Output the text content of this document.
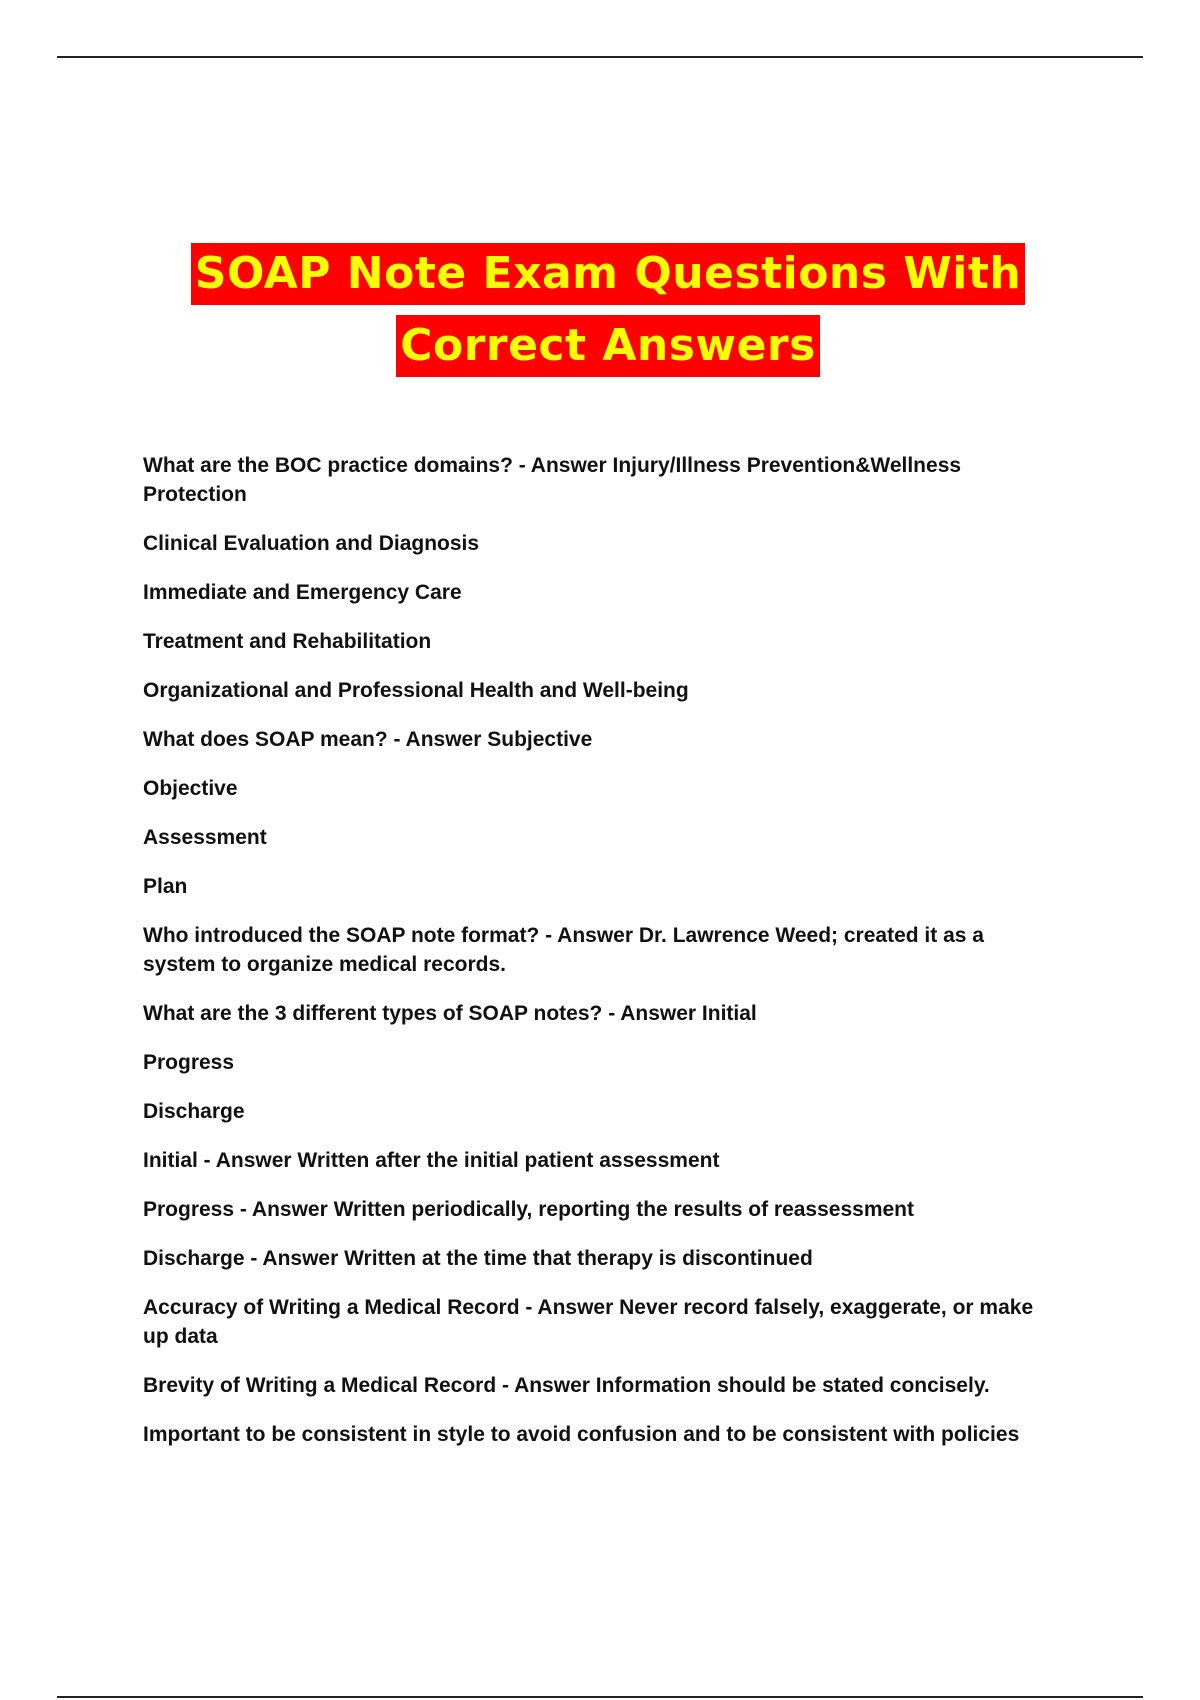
SOAP Note Exam Questions With
Correct Answers
What are the BOC practice domains? - Answer Injury/Illness Prevention&Wellness
Protection
Clinical Evaluation and Diagnosis
Immediate and Emergency Care
Treatment and Rehabilitation
Organizational and Professional Health and Well-being
What does SOAP mean? - Answer Subjective
Objective
Assessment
Plan
Who introduced the SOAP note format? - Answer Dr. Lawrence Weed; created it as a
system to organize medical records.
What are the 3 different types of SOAP notes? - Answer Initial
Progress
Discharge
Initial - Answer Written after the initial patient assessment
Progress - Answer Written periodically, reporting the results of reassessment
Discharge - Answer Written at the time that therapy is discontinued
Accuracy of Writing a Medical Record - Answer Never record falsely, exaggerate, or make
up data
Brevity of Writing a Medical Record - Answer Information should be stated concisely.
Important to be consistent in style to avoid confusion and to be consistent with policies
